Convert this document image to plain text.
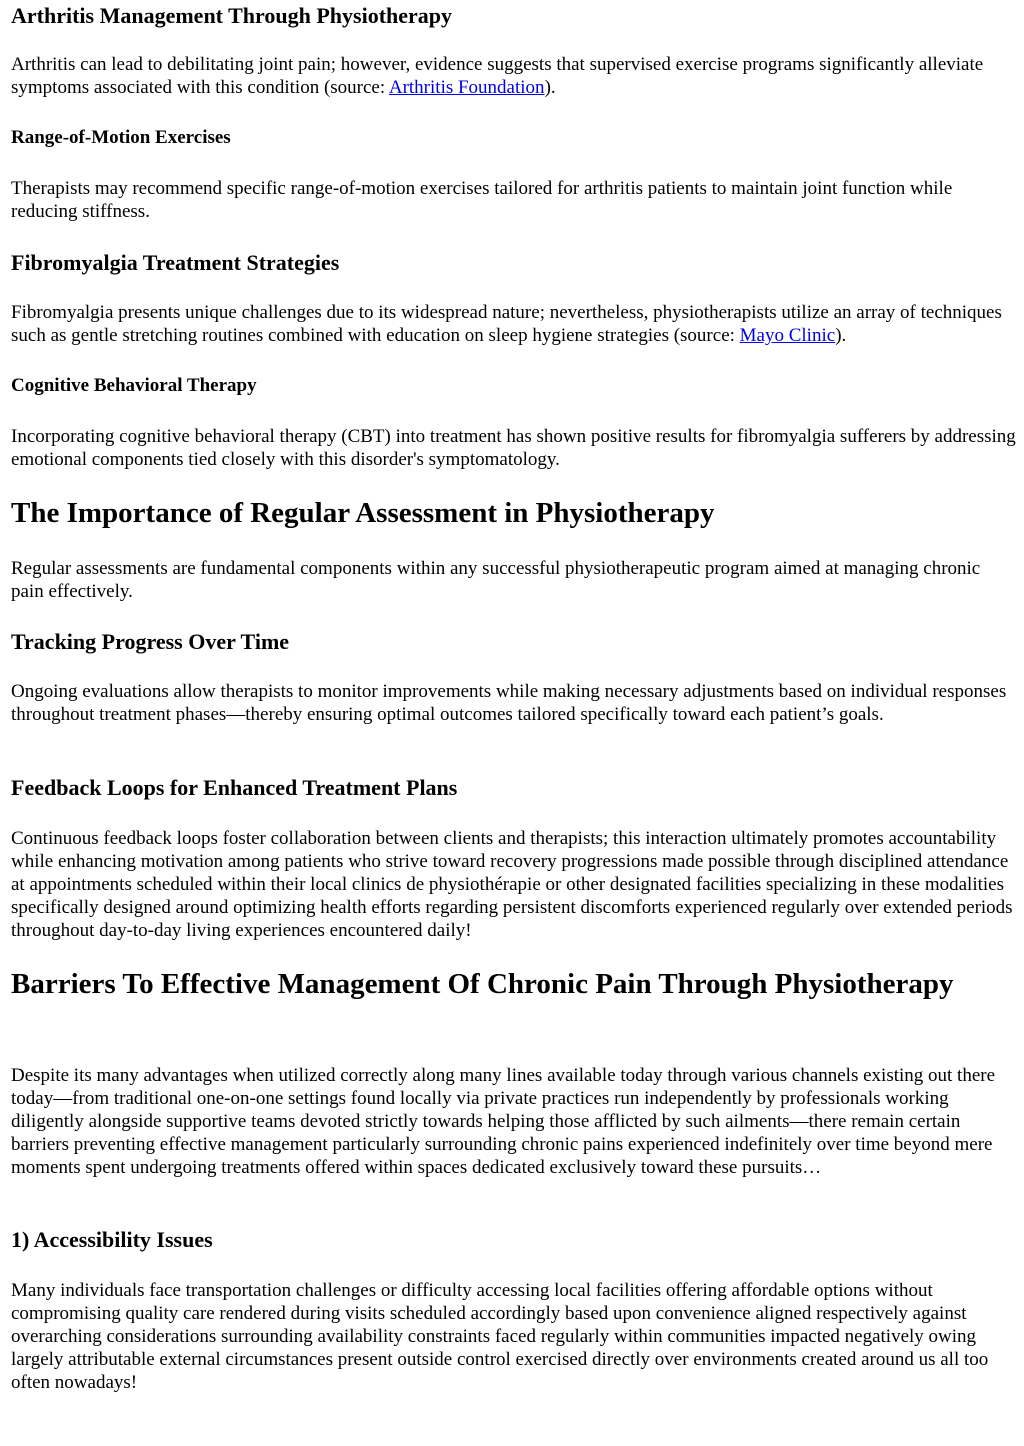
Arthritis Management Through Physiotherapy

Arthritis can lead to debilitating joint pain; however, evidence suggests that supervised exercise programs significantly alleviate symptoms associated with this condition (source: Arthritis Foundation).

Range-of-Motion Exercises

Therapists may recommend specific range-of-motion exercises tailored for arthritis patients to maintain joint function while reducing stiffness.

Fibromyalgia Treatment Strategies

Fibromyalgia presents unique challenges due to its widespread nature; nevertheless, physiotherapists utilize an array of techniques such as gentle stretching routines combined with education on sleep hygiene strategies (source: Mayo Clinic).

Cognitive Behavioral Therapy

Incorporating cognitive behavioral therapy (CBT) into treatment has shown positive results for fibromyalgia sufferers by addressing emotional components tied closely with this disorder's symptomatology.

The Importance of Regular Assessment in Physiotherapy

Regular assessments are fundamental components within any successful physiotherapeutic program aimed at managing chronic pain effectively.

Tracking Progress Over Time

Ongoing evaluations allow therapists to monitor improvements while making necessary adjustments based on individual responses throughout treatment phases—thereby ensuring optimal outcomes tailored specifically toward each patient’s goals.

Feedback Loops for Enhanced Treatment Plans

Continuous feedback loops foster collaboration between clients and therapists; this interaction ultimately promotes accountability while enhancing motivation among patients who strive toward recovery progressions made possible through disciplined attendance at appointments scheduled within their local clinics de physiothérapie or other designated facilities specializing in these modalities specifically designed around optimizing health efforts regarding persistent discomforts experienced regularly over extended periods throughout day-to-day living experiences encountered daily!

Barriers To Effective Management Of Chronic Pain Through Physiotherapy

Despite its many advantages when utilized correctly along many lines available today through various channels existing out there today—from traditional one-on-one settings found locally via private practices run independently by professionals working diligently alongside supportive teams devoted strictly towards helping those afflicted by such ailments—there remain certain barriers preventing effective management particularly surrounding chronic pains experienced indefinitely over time beyond mere moments spent undergoing treatments offered within spaces dedicated exclusively toward these pursuits…

1) Accessibility Issues

Many individuals face transportation challenges or difficulty accessing local facilities offering affordable options without compromising quality care rendered during visits scheduled accordingly based upon convenience aligned respectively against overarching considerations surrounding availability constraints faced regularly within communities impacted negatively owing largely attributable external circumstances present outside control exercised directly over environments created around us all too often nowadays!
